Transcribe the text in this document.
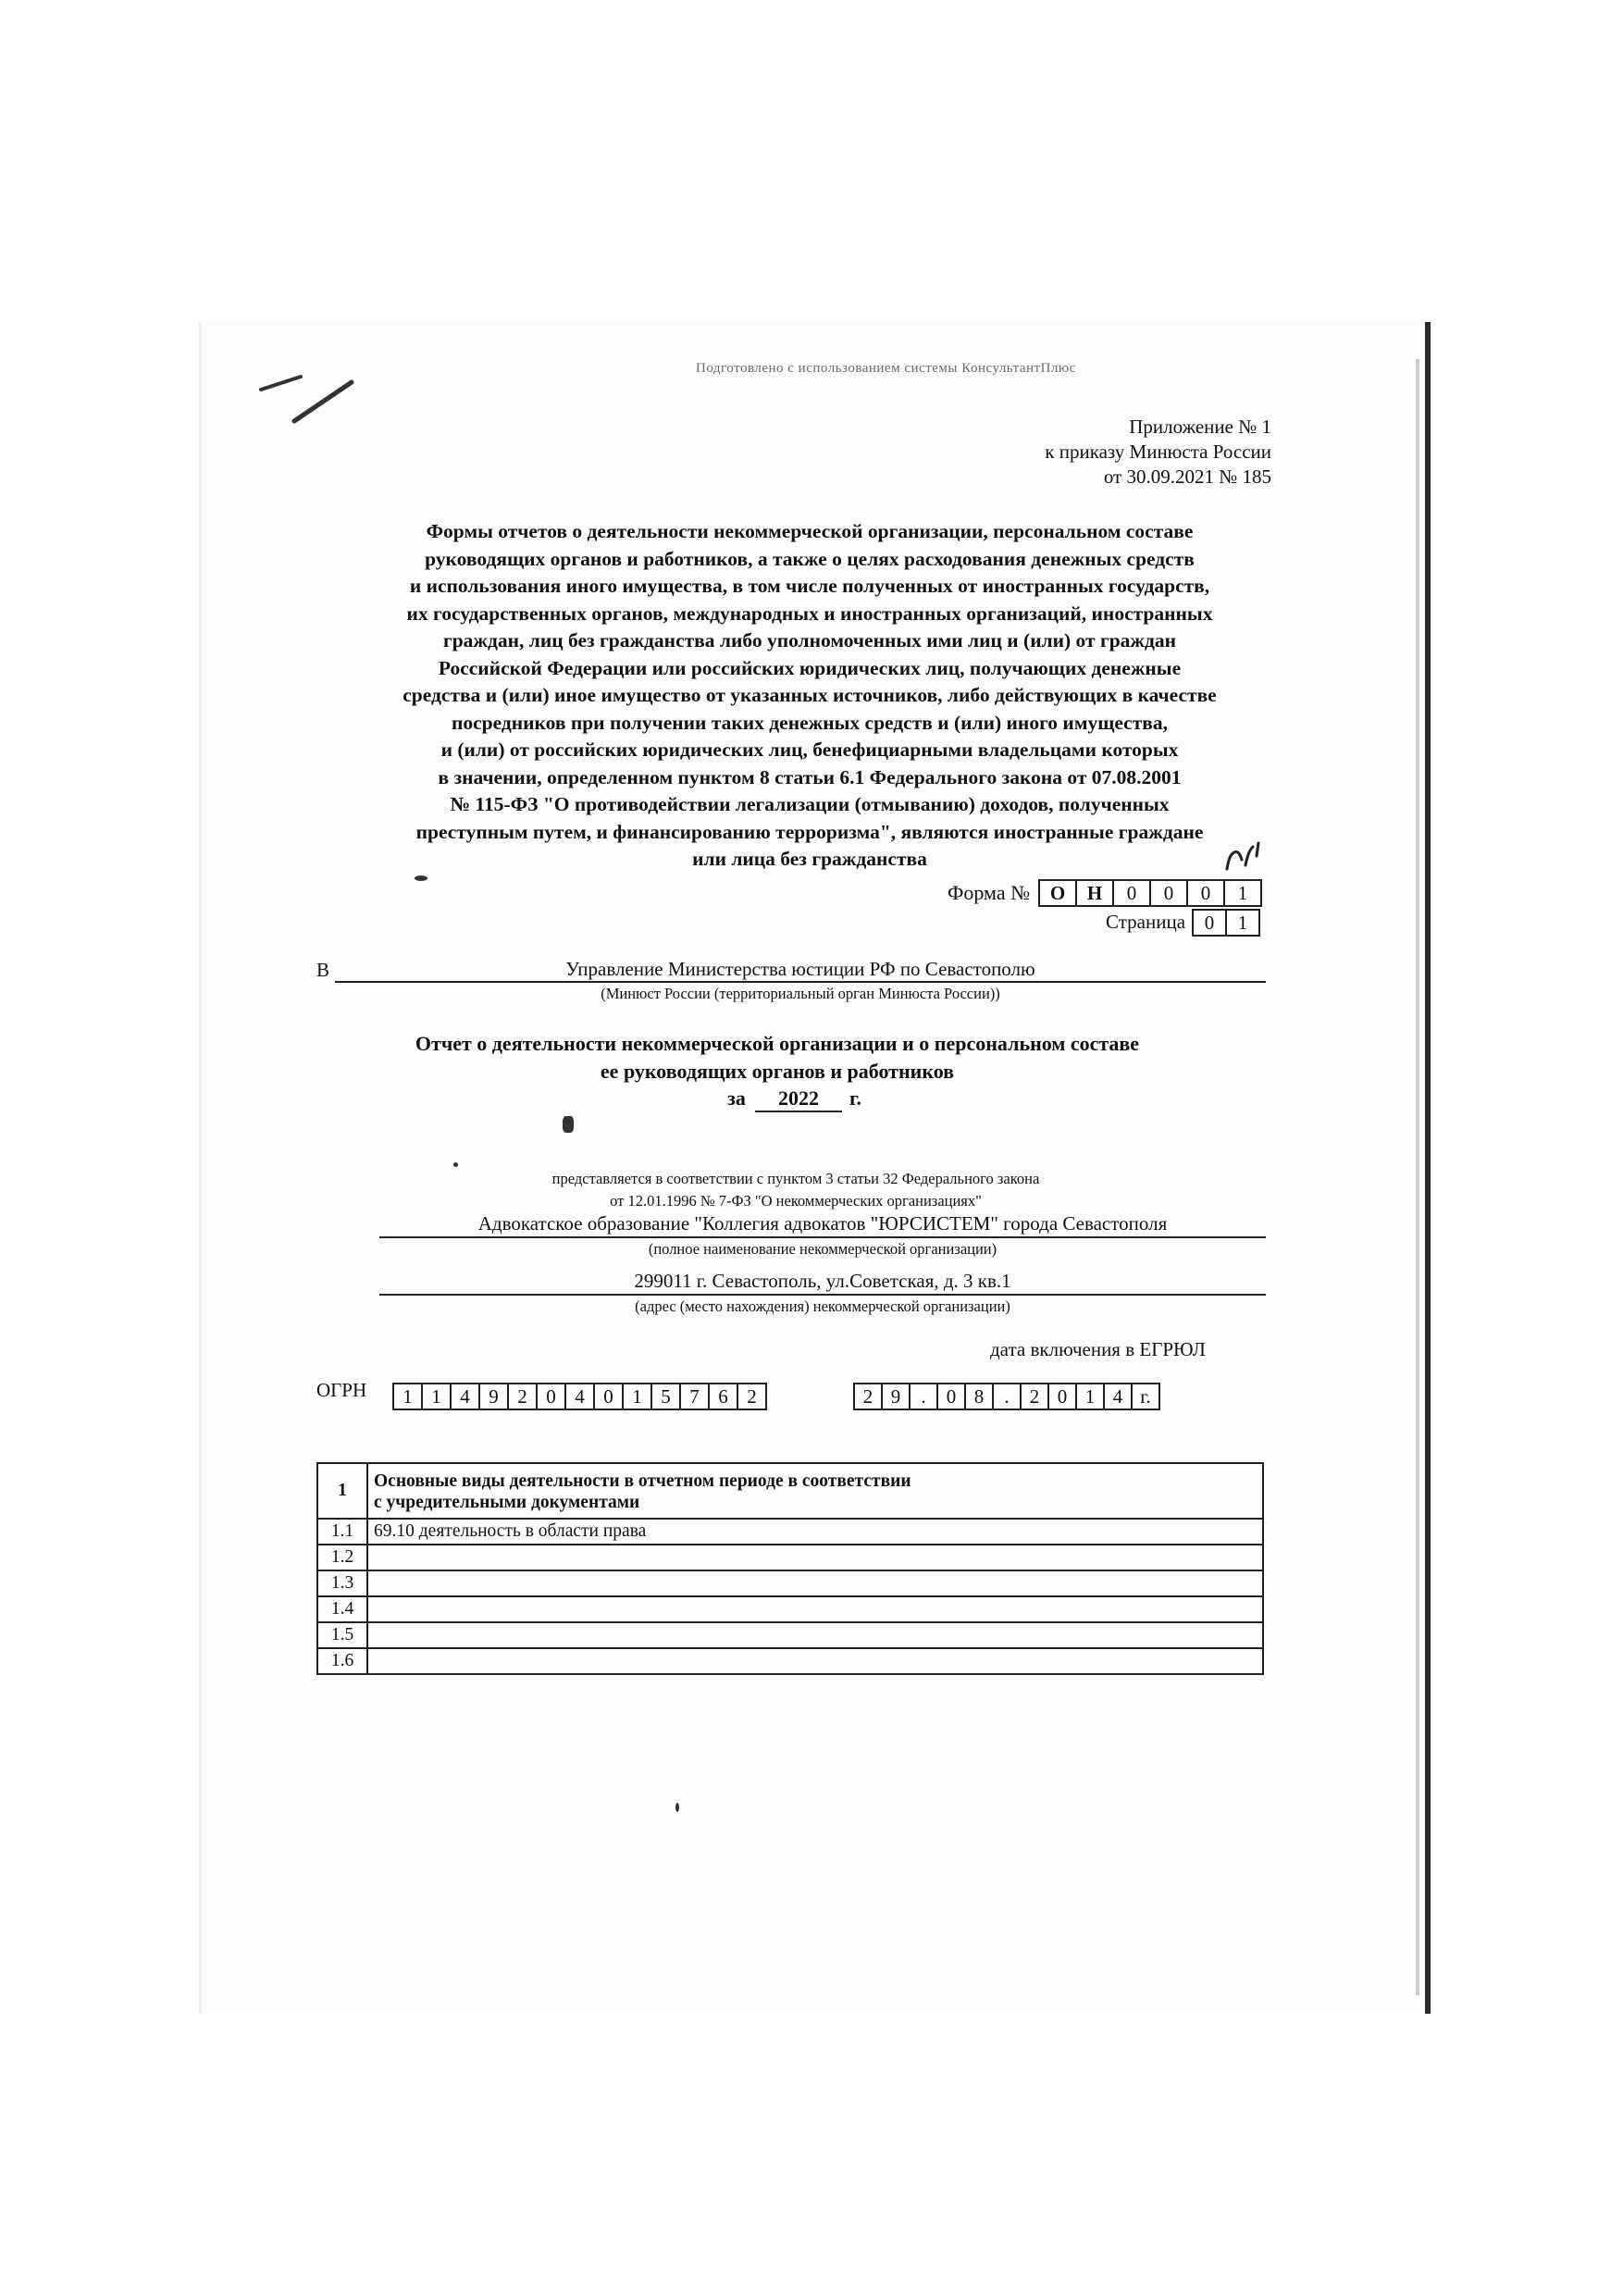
Подготовлено с использованием системы КонсультантПлюс
Приложение № 1
к приказу Минюста России
от 30.09.2021 № 185
Формы отчетов о деятельности некоммерческой организации, персональном составе
руководящих органов и работников, а также о целях расходования денежных средств
и использования иного имущества, в том числе полученных от иностранных государств,
их государственных органов, международных и иностранных организаций, иностранных
граждан, лиц без гражданства либо уполномоченных ими лиц и (или) от граждан
Российской Федерации или российских юридических лиц, получающих денежные
средства и (или) иное имущество от указанных источников, либо действующих в качестве
посредников при получении таких денежных средств и (или) иного имущества,
и (или) от российских юридических лиц, бенефициарными владельцами которых
в значении, определенном пунктом 8 статьи 6.1 Федерального закона от 07.08.2001
№ 115-ФЗ "О противодействии легализации (отмыванию) доходов, полученных
преступным путем, и финансированию терроризма", являются иностранные граждане
или лица без гражданства
Форма №	О	Н	0	0	0	1
Страница 0	1
В	Управление Министерства юстиции РФ по Севастополю
(Минюст России (территориальный орган Минюста России))
Отчет о деятельности некоммерческой организации и о персональном составе
ее руководящих органов и работников
за	2022	г.
представляется в соответствии с пунктом 3 статьи 32 Федерального закона
от 12.01.1996 № 7-ФЗ "О некоммерческих организациях"
Адвокатское образование "Коллегия адвокатов "ЮРСИСТЕМ" города Севастополя
(полное наименование некоммерческой организации)
299011 г. Севастополь, ул.Советская, д. 3 кв.1
(адрес (место нахождения) некоммерческой организации)
дата включения в ЕГРЮЛ
ОГРН	1 1 4 9 2 0 4 0 1 5 7 6 2	2 9	.	0 8	.	2 0 1 4 г.
1	Основные виды деятельности в отчетном периоде в соответствии
с учредительными документами

1.1	69.10 деятельность в области права
1.2	
1.3	
1.4	
1.5	
1.6	
